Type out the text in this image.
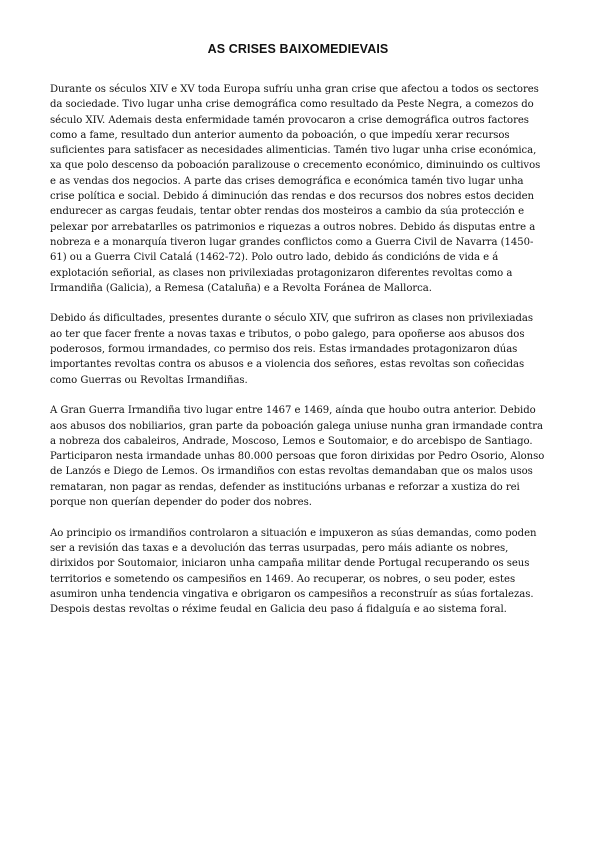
AS CRISES BAIXOMEDIEVAIS

Durante os séculos XIV e XV toda Europa sufríu unha gran crise que afectou a todos os sectores da sociedade. Tivo lugar unha crise demográfica como resultado da Peste Negra, a comezos do século XIV. Ademais desta enfermidade tamén provocaron a crise demográfica outros factores como a fame, resultado dun anterior aumento da poboación, o que impedíu xerar recursos suficientes para satisfacer as necesidades alimenticias. Tamén tivo lugar unha crise económica, xa que polo descenso da poboación paralizouse o crecemento económico, diminuindo os cultivos e as vendas dos negocios. A parte das crises demográfica e económica tamén tivo lugar unha crise política e social. Debido á diminución das rendas e dos recursos dos nobres estos deciden endurecer as cargas feudais, tentar obter rendas dos mosteiros a cambio da súa protección e pelexar por arrebatarlles os patrimonios e riquezas a outros nobres. Debido ás disputas entre a nobreza e a monarquía tiveron lugar grandes conflictos como a Guerra Civil de Navarra (1450-61) ou a Guerra Civil Catalá (1462-72). Polo outro lado, debido ás condicións de vida e á explotación señorial, as clases non privilexiadas protagonizaron diferentes revoltas como a Irmandiña (Galicia), a Remesa (Cataluña) e a Revolta Foránea de Mallorca.

Debido ás dificultades, presentes durante o século XIV, que sufriron as clases non privilexiadas ao ter que facer frente a novas taxas e tributos, o pobo galego, para opoñerse aos abusos dos poderosos, formou irmandades, co permiso dos reis. Estas irmandades protagonizaron dúas importantes revoltas contra os abusos e a violencia dos señores, estas revoltas son coñecidas como Guerras ou Revoltas Irmandiñas.

A Gran Guerra Irmandiña tivo lugar entre 1467 e 1469, aínda que houbo outra anterior. Debido aos abusos dos nobiliarios, gran parte da poboación galega uniuse nunha gran irmandade contra a nobreza dos cabaleiros, Andrade, Moscoso, Lemos e Soutomaior, e do arcebispo de Santiago. Participaron nesta irmandade unhas 80.000 persoas que foron dirixidas por Pedro Osorio, Alonso de Lanzós e Diego de Lemos. Os irmandiños con estas revoltas demandaban que os malos usos remataran, non pagar as rendas, defender as institucións urbanas e reforzar a xustiza do rei porque non querían depender do poder dos nobres.

Ao principio os irmandiños controlaron a situación e impuxeron as súas demandas, como poden ser a revisión das taxas e a devolución das terras usurpadas, pero máis adiante os nobres, dirixidos por Soutomaior, iniciaron unha campaña militar dende Portugal recuperando os seus territorios e sometendo os campesiños en 1469. Ao recuperar, os nobres, o seu poder, estes asumiron unha tendencia vingativa e obrigaron os campesiños a reconstruír as súas fortalezas. Despois destas revoltas o réxime feudal en Galicia deu paso á fidalguía e ao sistema foral.
